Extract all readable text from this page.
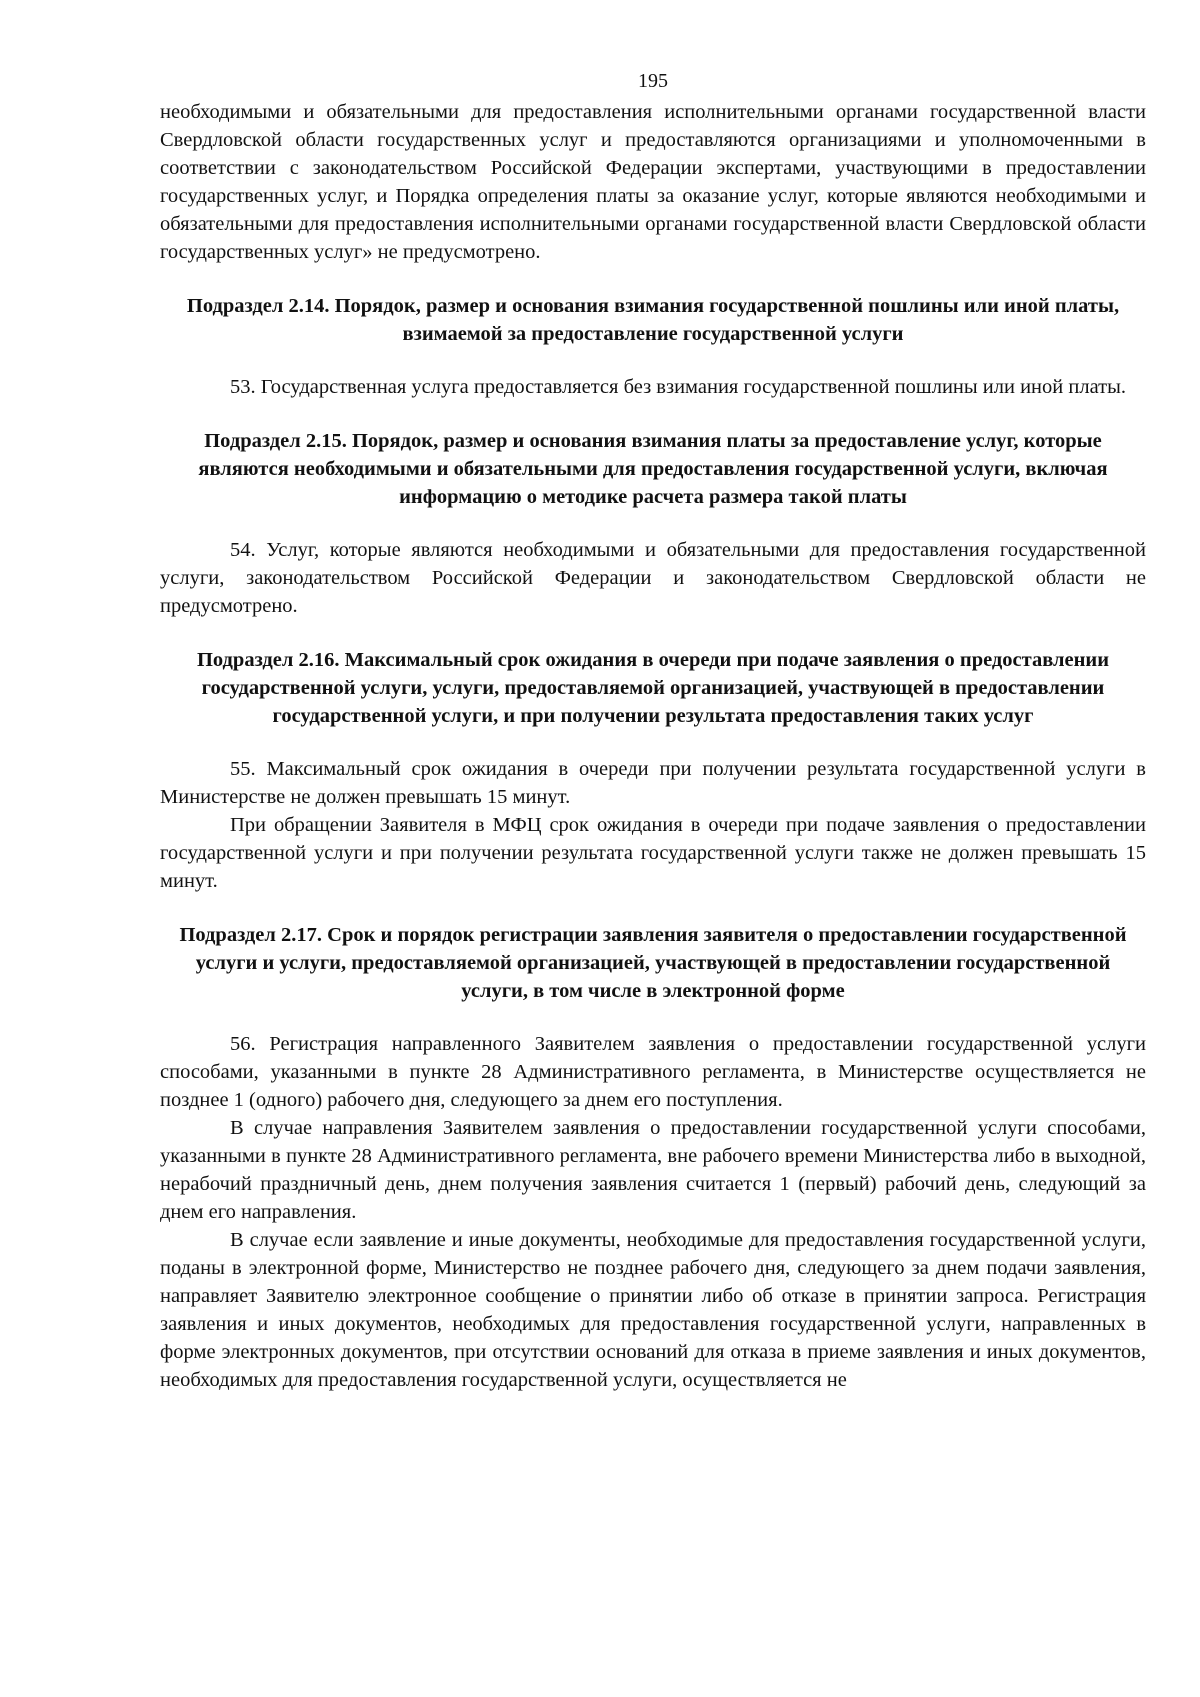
195

необходимыми и обязательными для предоставления исполнительными органами государственной власти Свердловской области государственных услуг и предоставляются организациями и уполномоченными в соответствии с законодательством Российской Федерации экспертами, участвующими в предоставлении государственных услуг, и Порядка определения платы за оказание услуг, которые являются необходимыми и обязательными для предоставления исполнительными органами государственной власти Свердловской области государственных услуг» не предусмотрено.

Подраздел 2.14. Порядок, размер и основания взимания государственной пошлины или иной платы, взимаемой за предоставление государственной услуги

53. Государственная услуга предоставляется без взимания государственной пошлины или иной платы.

Подраздел 2.15. Порядок, размер и основания взимания платы за предоставление услуг, которые являются необходимыми и обязательными для предоставления государственной услуги, включая информацию о методике расчета размера такой платы

54. Услуг, которые являются необходимыми и обязательными для предоставления государственной услуги, законодательством Российской Федерации и законодательством Свердловской области не предусмотрено.

Подраздел 2.16. Максимальный срок ожидания в очереди при подаче заявления о предоставлении государственной услуги, услуги, предоставляемой организацией, участвующей в предоставлении государственной услуги, и при получении результата предоставления таких услуг

55. Максимальный срок ожидания в очереди при получении результата государственной услуги в Министерстве не должен превышать 15 минут.

При обращении Заявителя в МФЦ срок ожидания в очереди при подаче заявления о предоставлении государственной услуги и при получении результата государственной услуги также не должен превышать 15 минут.

Подраздел 2.17. Срок и порядок регистрации заявления заявителя о предоставлении государственной услуги и услуги, предоставляемой организацией, участвующей в предоставлении государственной услуги, в том числе в электронной форме

56. Регистрация направленного Заявителем заявления о предоставлении государственной услуги способами, указанными в пункте 28 Административного регламента, в Министерстве осуществляется не позднее 1 (одного) рабочего дня, следующего за днем его поступления.

В случае направления Заявителем заявления о предоставлении государственной услуги способами, указанными в пункте 28 Административного регламента, вне рабочего времени Министерства либо в выходной, нерабочий праздничный день, днем получения заявления считается 1 (первый) рабочий день, следующий за днем его направления.

В случае если заявление и иные документы, необходимые для предоставления государственной услуги, поданы в электронной форме, Министерство не позднее рабочего дня, следующего за днем подачи заявления, направляет Заявителю электронное сообщение о принятии либо об отказе в принятии запроса. Регистрация заявления и иных документов, необходимых для предоставления государственной услуги, направленных в форме электронных документов, при отсутствии оснований для отказа в приеме заявления и иных документов, необходимых для предоставления государственной услуги, осуществляется не
